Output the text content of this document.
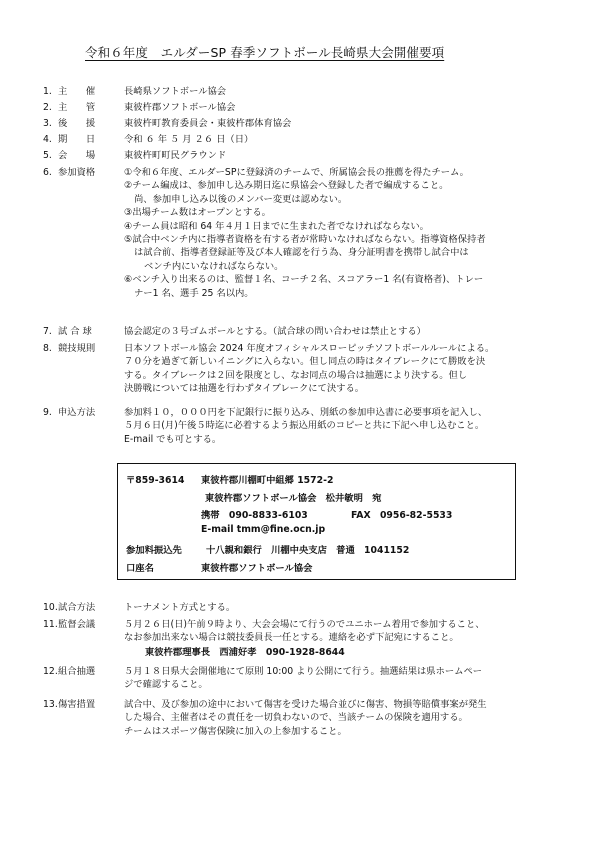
令和６年度　エルダーSP 春季ソフトボール長崎県大会開催要項
1. 主　　催	長崎県ソフトボール協会
2. 主　　管	東彼杵郡ソフトボール協会
3. 後　　援	東彼杵町教育委員会・東彼杵郡体育協会
4. 期　　日	令和 ６ 年 ５ 月 ２６ 日（日）
5. 会　　場	東彼杵町町民グラウンド
6. 参加資格	①令和６年度、エルダーSPに登録済のチームで、所属協会長の推薦を得たチーム。
②チーム編成は、参加申し込み期日迄に県協会へ登録した者で編成すること。
尚、参加申し込み以後のメンバー変更は認めない。
③出場チーム数はオープンとする。
④チーム員は昭和 64 年４月１日までに生まれた者でなければならない。
⑤試合中ベンチ内に指導者資格を有する者が常時いなければならない。指導資格保持者
は試合前、指導者登録証等及び本人確認を行う為、身分証明書を携帯し試合中は
ベンチ内にいなければならない。
⑥ベンチ入り出来るのは、監督１名、コーチ２名、スコアラー1 名(有資格者)、トレー
ナー1 名、選手 25 名以内。
7. 試 合 球	協会認定の３号ゴムボールとする。（試合球の問い合わせは禁止とする）
8. 競技規則	日本ソフトボール協会 2024 年度オフィシャルスローピッチソフトボールルールによる。
７０分を過ぎて新しいイニングに入らない。但し同点の時はタイブレークにて勝敗を決
する。タイブレークは２回を限度とし、なお同点の場合は抽選により決する。但し
決勝戦については抽選を行わずタイブレークにて決する。
9. 申込方法	参加料１０，０００円を下記銀行に振り込み、別紙の参加申込書に必要事項を記入し、
５月６日(月)午後５時迄に必着するよう振込用紙のコピーと共に下記へ申し込むこと。
E-mail でも可とする。
〒859-3614 東彼杵郡川棚町中組郷 1572-2
東彼杵郡ソフトボール協会　松井敏明　宛
携帯　090-8833-6103	FAX　0956-82-5533
E-mail tmm@fine.ocn.jp
参加料振込先	十八親和銀行　川棚中央支店　普通　1041152
口座名	東彼杵郡ソフトボール協会
10. 試合方法	トーナメント方式とする。
11. 監督会議	５月２６日(日)午前９時より、大会会場にて行うのでユニホーム着用で参加すること、
なお参加出来ない場合は競技委員長一任とする。連絡を必ず下記宛にすること。
東彼杵郡理事長　西浦好孝　090-1928-8644
12. 組合抽選	５月１８日県大会開催地にて原則 10:00 より公開にて行う。抽選結果は県ホームペー
ジで確認すること。
13. 傷害措置	試合中、及び参加の途中において傷害を受けた場合並びに傷害、物損等賠償事案が発生
した場合、主催者はその責任を一切負わないので、当該チームの保険を適用する。
チームはスポーツ傷害保険に加入の上参加すること。
